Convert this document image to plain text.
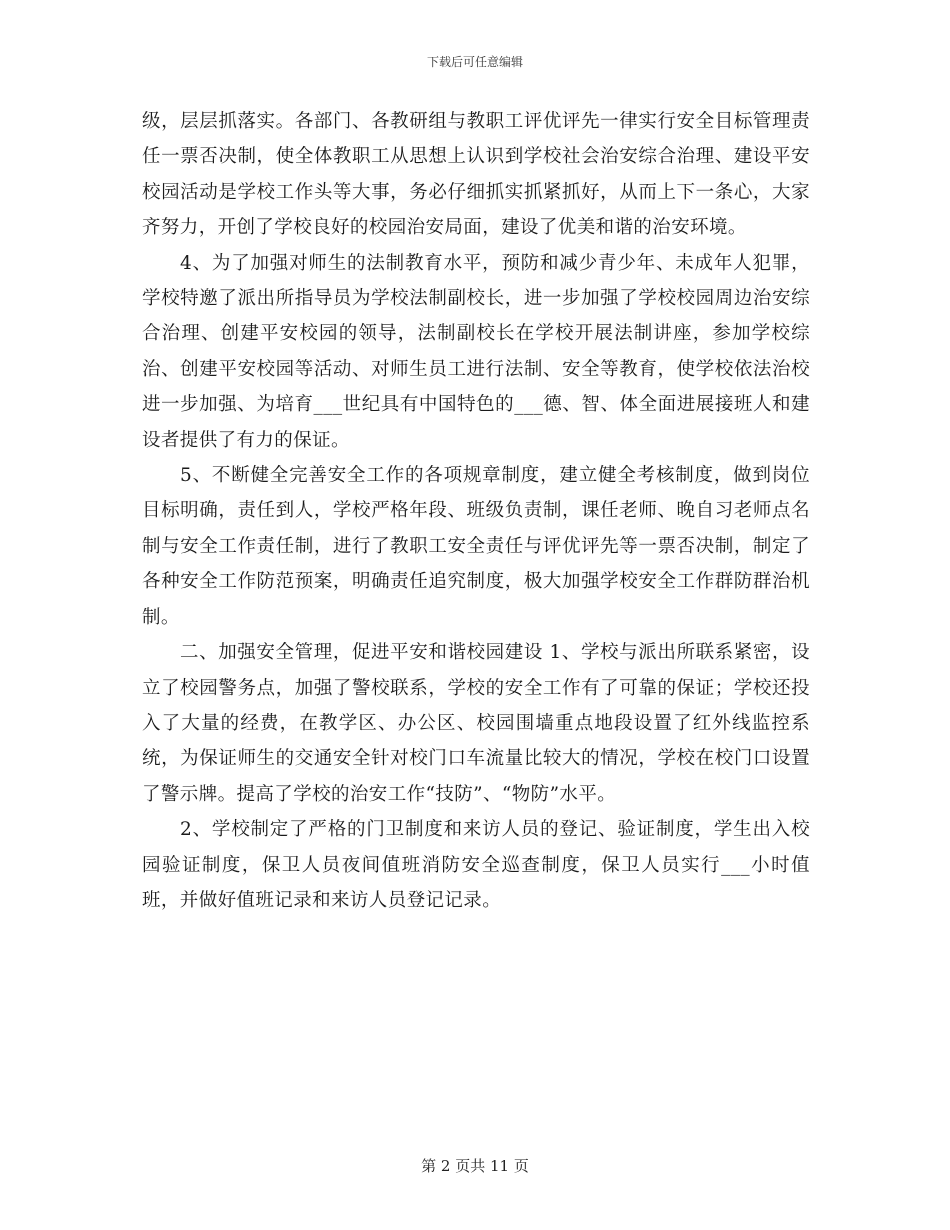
下载后可任意编辑

级，层层抓落实。各部门、各教研组与教职工评优评先一律实行安全目标管理责任一票否决制，使全体教职工从思想上认识到学校社会治安综合治理、建设平安校园活动是学校工作头等大事，务必仔细抓实抓紧抓好，从而上下一条心，大家齐努力，开创了学校良好的校园治安局面，建设了优美和谐的治安环境。

4、为了加强对师生的法制教育水平，预防和减少青少年、未成年人犯罪，学校特邀了派出所指导员为学校法制副校长，进一步加强了学校校园周边治安综合治理、创建平安校园的领导，法制副校长在学校开展法制讲座，参加学校综治、创建平安校园等活动、对师生员工进行法制、安全等教育，使学校依法治校进一步加强、为培育___世纪具有中国特色的___德、智、体全面进展接班人和建设者提供了有力的保证。

5、不断健全完善安全工作的各项规章制度，建立健全考核制度，做到岗位目标明确，责任到人，学校严格年段、班级负责制，课任老师、晚自习老师点名制与安全工作责任制，进行了教职工安全责任与评优评先等一票否决制，制定了各种安全工作防范预案，明确责任追究制度，极大加强学校安全工作群防群治机制。

二、加强安全管理，促进平安和谐校园建设 1、学校与派出所联系紧密，设立了校园警务点，加强了警校联系，学校的安全工作有了可靠的保证；学校还投入了大量的经费，在教学区、办公区、校园围墙重点地段设置了红外线监控系统，为保证师生的交通安全针对校门口车流量比较大的情况，学校在校门口设置了警示牌。提高了学校的治安工作“技防”、“物防”水平。

2、学校制定了严格的门卫制度和来访人员的登记、验证制度，学生出入校园验证制度，保卫人员夜间值班消防安全巡查制度，保卫人员实行___小时值班，并做好值班记录和来访人员登记记录。

第 2 页共 11 页
